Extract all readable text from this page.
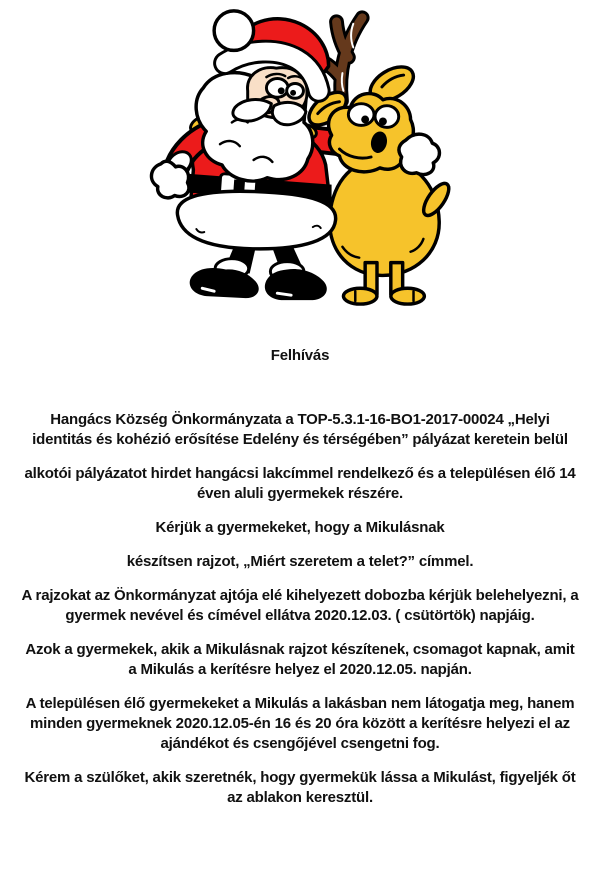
Felhívás

Hangács Község Önkormányzata a TOP-5.3.1-16-BO1-2017-00024 „Helyi identitás és kohézió erősítése Edelény és térségében” pályázat keretein belül

alkotói pályázatot hirdet hangácsi lakcímmel rendelkező és a településen élő 14 éven aluli gyermekek részére.

Kérjük a gyermekeket, hogy a Mikulásnak

készítsen rajzot, „Miért szeretem a telet?” címmel.

A rajzokat az Önkormányzat ajtója elé kihelyezett dobozba kérjük belehelyezni, a gyermek nevével és címével ellátva 2020.12.03. ( csütörtök) napjáig.

Azok a gyermekek, akik a Mikulásnak rajzot készítenek, csomagot kapnak, amit a Mikulás a kerítésre helyez el 2020.12.05. napján.

A településen élő gyermekeket a Mikulás a lakásban nem látogatja meg, hanem minden gyermeknek 2020.12.05-én 16 és 20 óra között a kerítésre helyezi el az ajándékot és csengőjével csengetni fog.

Kérem a szülőket, akik szeretnék, hogy gyermekük lássa a Mikulást, figyeljék őt az ablakon keresztül.
